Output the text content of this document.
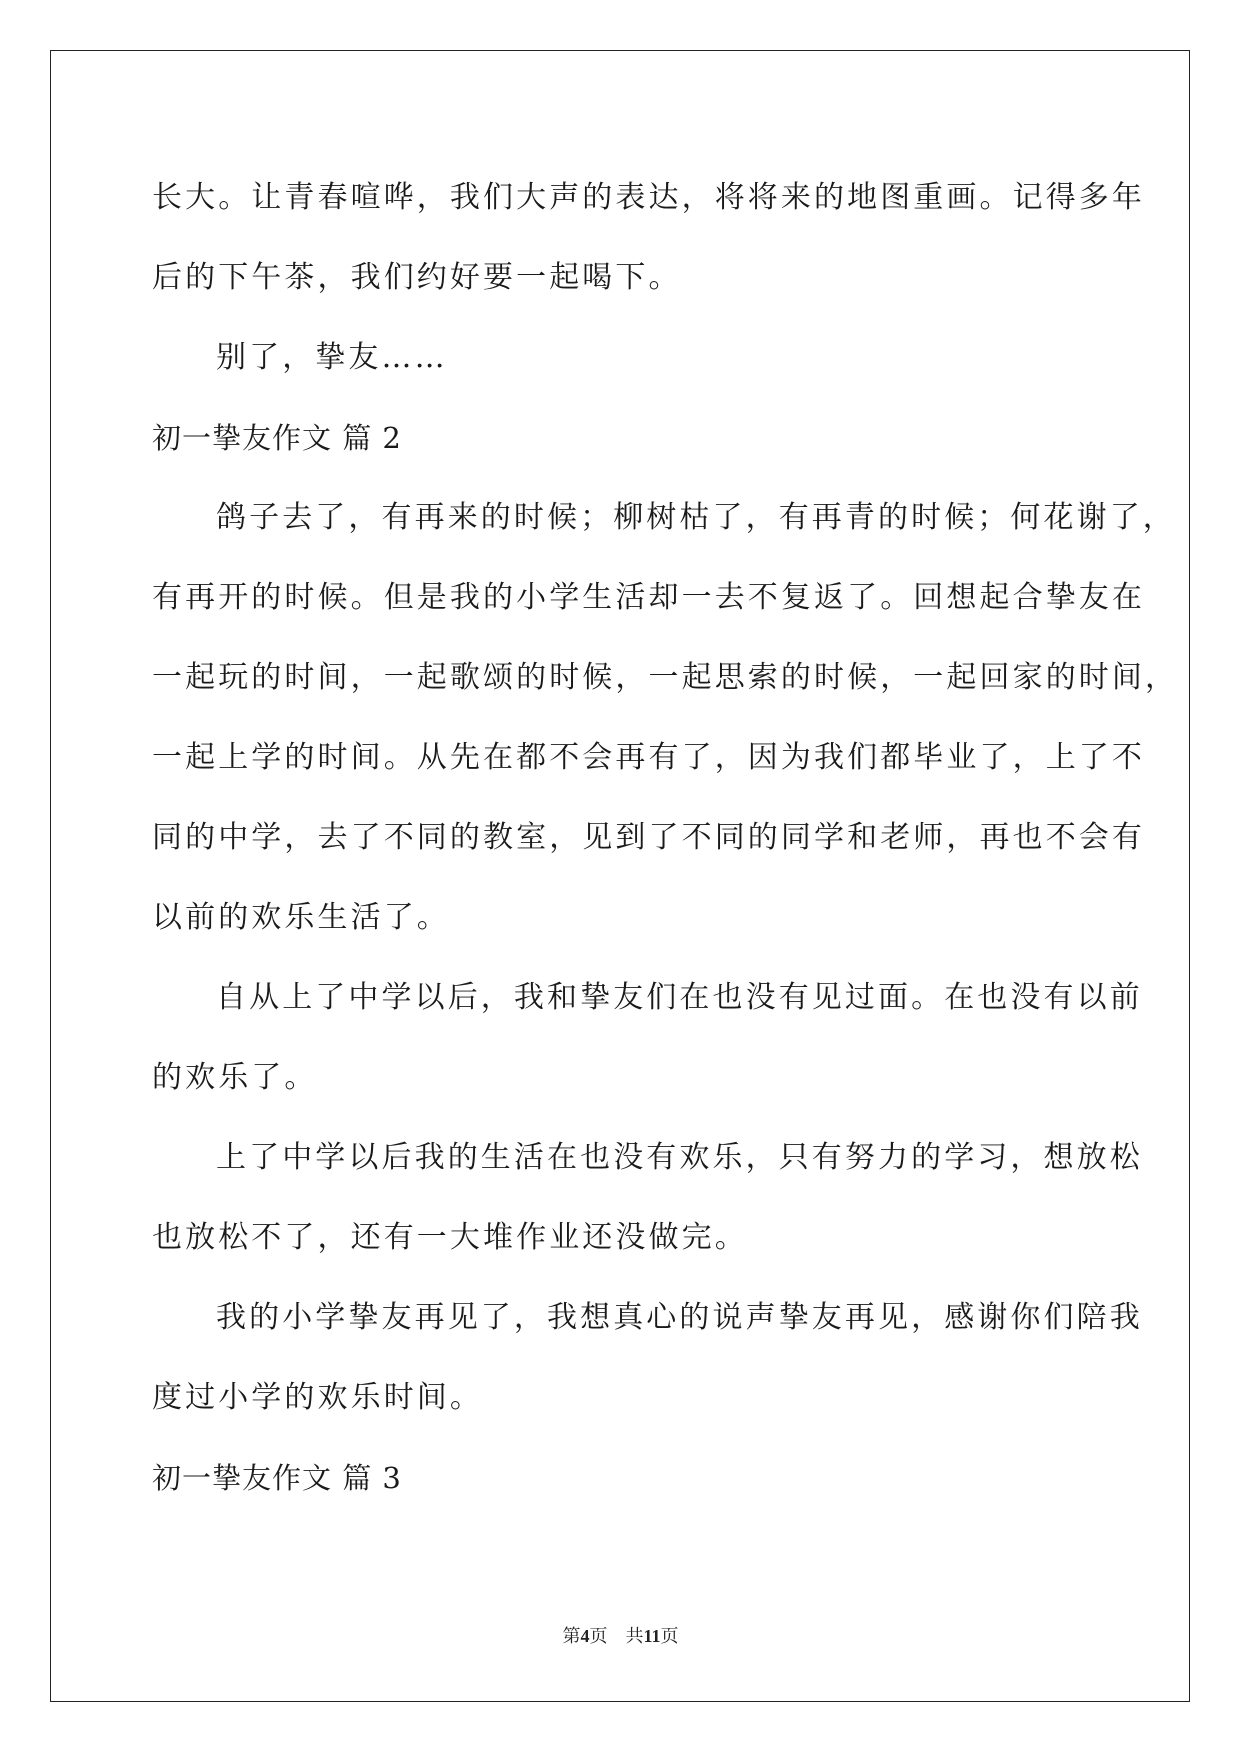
长大。让青春喧哗，我们大声的表达，将将来的地图重画。记得多年
后的下午茶，我们约好要一起喝下。
别了，挚友……
初一挚友作文 篇 2
鸽子去了，有再来的时候；柳树枯了，有再青的时候；何花谢了，
有再开的时候。但是我的小学生活却一去不复返了。回想起合挚友在
一起玩的时间，一起歌颂的时候，一起思索的时候，一起回家的时间，
一起上学的时间。从先在都不会再有了，因为我们都毕业了，上了不
同的中学，去了不同的教室，见到了不同的同学和老师，再也不会有
以前的欢乐生活了。
自从上了中学以后，我和挚友们在也没有见过面。在也没有以前
的欢乐了。
上了中学以后我的生活在也没有欢乐，只有努力的学习，想放松
也放松不了，还有一大堆作业还没做完。
我的小学挚友再见了，我想真心的说声挚友再见，感谢你们陪我
度过小学的欢乐时间。
初一挚友作文 篇 3
第4页 共11页
